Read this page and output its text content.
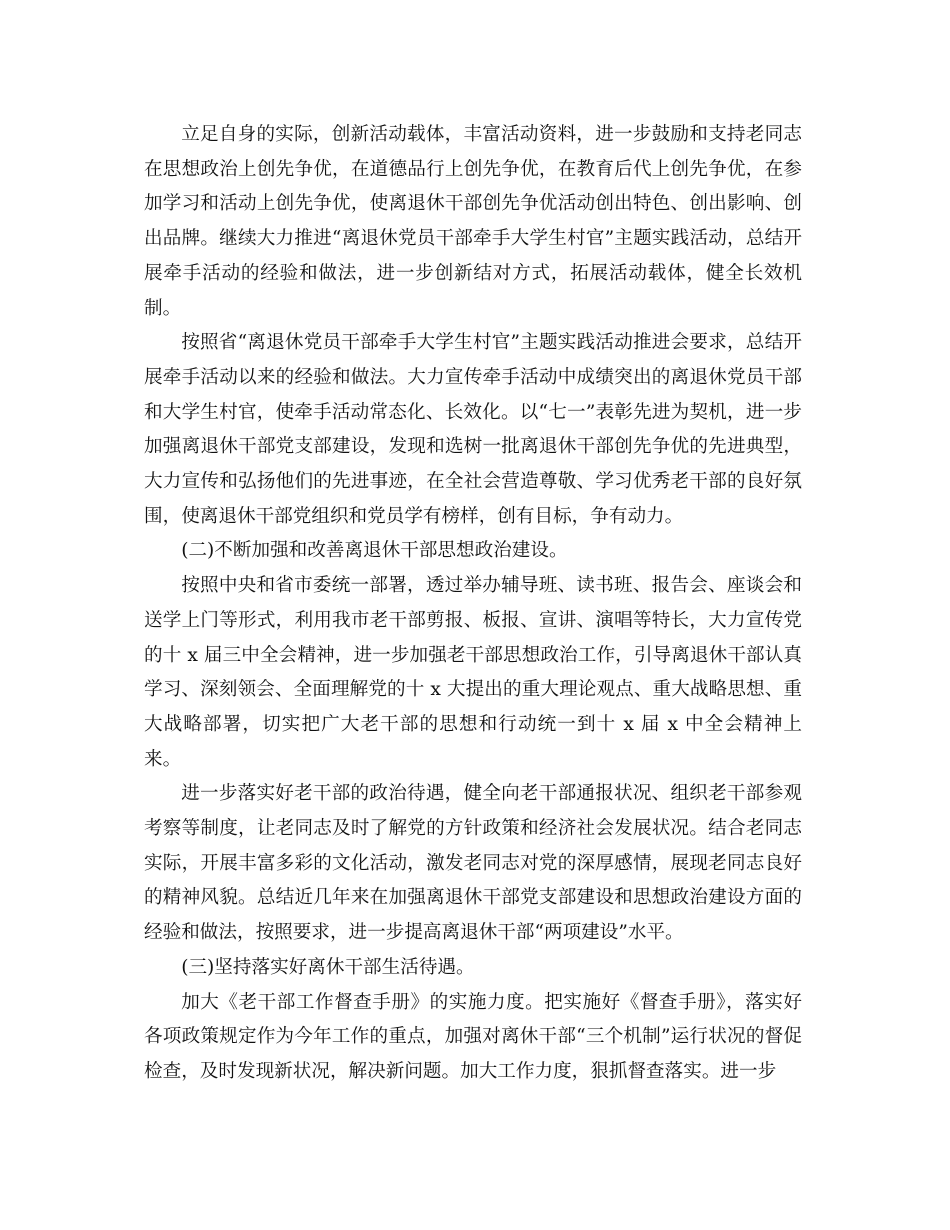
立足自身的实际，创新活动载体，丰富活动资料，进一步鼓励和支持老同志在思想政治上创先争优，在道德品行上创先争优，在教育后代上创先争优，在参加学习和活动上创先争优，使离退休干部创先争优活动创出特色、创出影响、创出品牌。继续大力推进“离退休党员干部牵手大学生村官”主题实践活动，总结开展牵手活动的经验和做法，进一步创新结对方式，拓展活动载体，健全长效机制。

按照省“离退休党员干部牵手大学生村官”主题实践活动推进会要求，总结开展牵手活动以来的经验和做法。大力宣传牵手活动中成绩突出的离退休党员干部和大学生村官，使牵手活动常态化、长效化。以“七一”表彰先进为契机，进一步加强离退休干部党支部建设，发现和选树一批离退休干部创先争优的先进典型，大力宣传和弘扬他们的先进事迹，在全社会营造尊敬、学习优秀老干部的良好氛围，使离退休干部党组织和党员学有榜样，创有目标，争有动力。

(二)不断加强和改善离退休干部思想政治建设。

按照中央和省市委统一部署，透过举办辅导班、读书班、报告会、座谈会和送学上门等形式，利用我市老干部剪报、板报、宣讲、演唱等特长，大力宣传党的十 x 届三中全会精神，进一步加强老干部思想政治工作，引导离退休干部认真学习、深刻领会、全面理解党的十 x 大提出的重大理论观点、重大战略思想、重大战略部署，切实把广大老干部的思想和行动统一到十 x 届 x 中全会精神上来。

进一步落实好老干部的政治待遇，健全向老干部通报状况、组织老干部参观考察等制度，让老同志及时了解党的方针政策和经济社会发展状况。结合老同志实际，开展丰富多彩的文化活动，激发老同志对党的深厚感情，展现老同志良好的精神风貌。总结近几年来在加强离退休干部党支部建设和思想政治建设方面的经验和做法，按照要求，进一步提高离退休干部“两项建设”水平。

(三)坚持落实好离休干部生活待遇。

加大《老干部工作督查手册》的实施力度。把实施好《督查手册》，落实好各项政策规定作为今年工作的重点，加强对离休干部“三个机制”运行状况的督促检查，及时发现新状况，解决新问题。加大工作力度，狠抓督查落实。进一步
